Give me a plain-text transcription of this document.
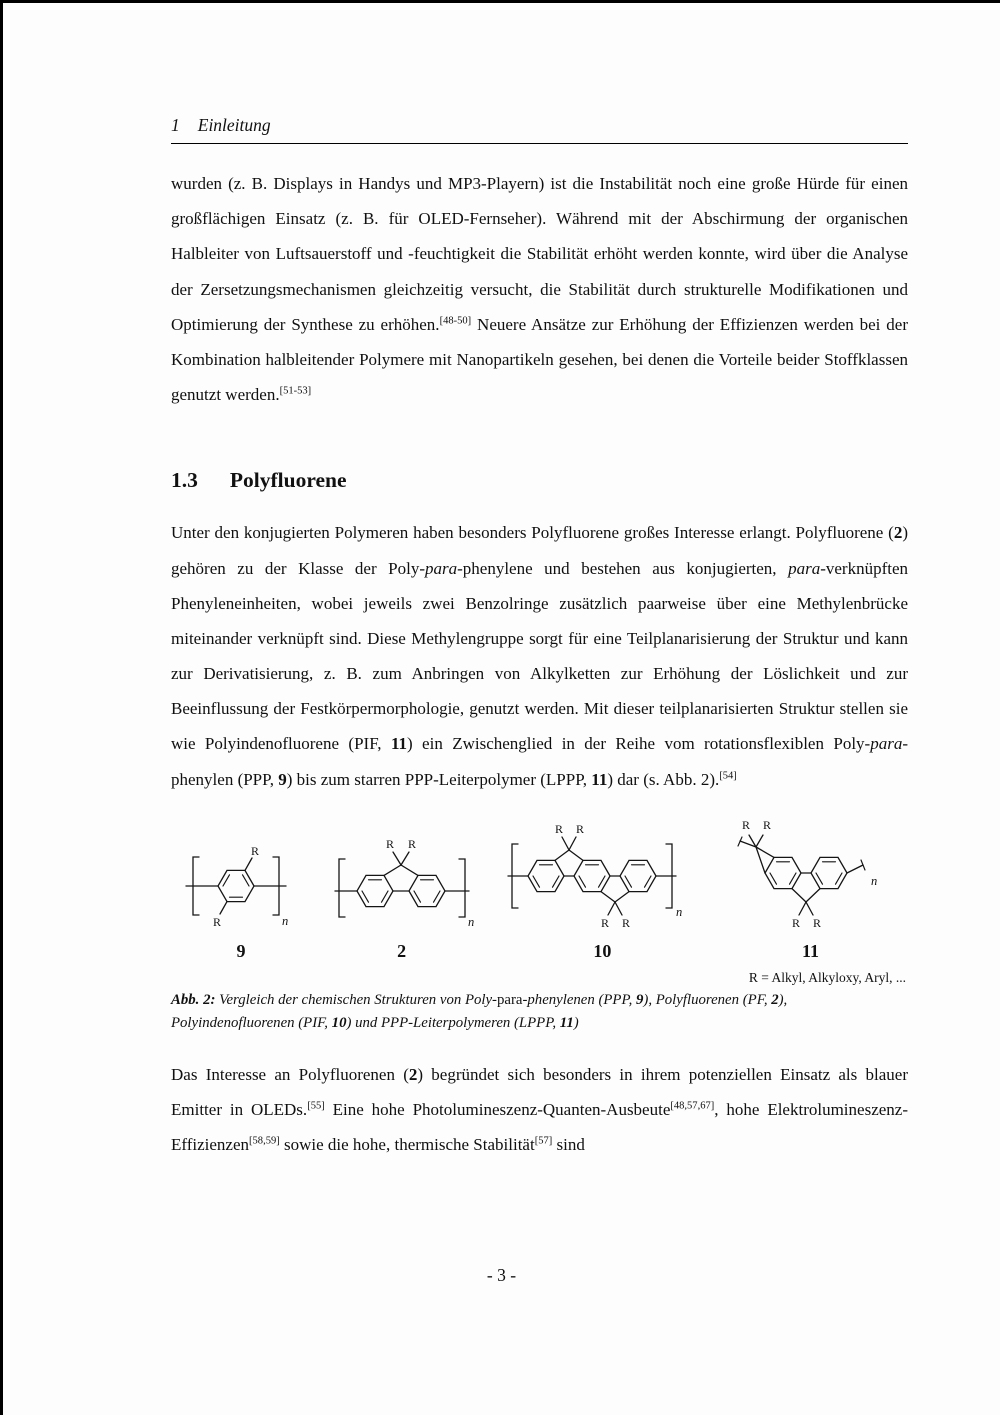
1 Einleitung

wurden (z. B. Displays in Handys und MP3-Playern) ist die Instabilität noch eine große Hürde für einen großflächigen Einsatz (z. B. für OLED-Fernseher). Während mit der Abschirmung der organischen Halbleiter von Luftsauerstoff und -feuchtigkeit die Stabilität erhöht werden konnte, wird über die Analyse der Zersetzungsmechanismen gleichzeitig versucht, die Stabilität durch strukturelle Modifikationen und Optimierung der Synthese zu erhöhen.[48-50] Neuere Ansätze zur Erhöhung der Effizienzen werden bei der Kombination halbleitender Polymere mit Nanopartikeln gesehen, bei denen die Vorteile beider Stoffklassen genutzt werden.[51-53]

1.3 Polyfluorene

Unter den konjugierten Polymeren haben besonders Polyfluorene großes Interesse erlangt. Polyfluorene (2) gehören zu der Klasse der Poly-para-phenylene und bestehen aus konjugierten, para-verknüpften Phenyleneinheiten, wobei jeweils zwei Benzolringe zusätzlich paarweise über eine Methylenbrücke miteinander verknüpft sind. Diese Methylengruppe sorgt für eine Teilplanarisierung der Struktur und kann zur Derivatisierung, z. B. zum Anbringen von Alkylketten zur Erhöhung der Löslichkeit und zur Beeinflussung der Festkörpermorphologie, genutzt werden. Mit dieser teilplanarisierten Struktur stellen sie wie Polyindenofluorene (PIF, 11) ein Zwischenglied in der Reihe vom rotationsflexiblen Poly-para-phenylen (PPP, 9) bis zum starren PPP-Leiterpolymer (LPPP, 11) dar (s. Abb. 2).[54]

R
R	n
9
R R
n
2
R R
R R
n
10
R R
R R
n
11
R = Alkyl, Alkyloxy, Aryl, ...
Abb. 2: Vergleich der chemischen Strukturen von Poly-para-phenylenen (PPP, 9), Polyfluorenen (PF, 2), Polyindenofluorenen (PIF, 10) und PPP-Leiterpolymeren (LPPP, 11)

Das Interesse an Polyfluorenen (2) begründet sich besonders in ihrem potenziellen Einsatz als blauer Emitter in OLEDs.[55] Eine hohe Photolumineszenz-Quanten-Ausbeute[48,57,67], hohe Elektrolumineszenz-Effizienzen[58,59] sowie die hohe, thermische Stabilität[57] sind

- 3 -
